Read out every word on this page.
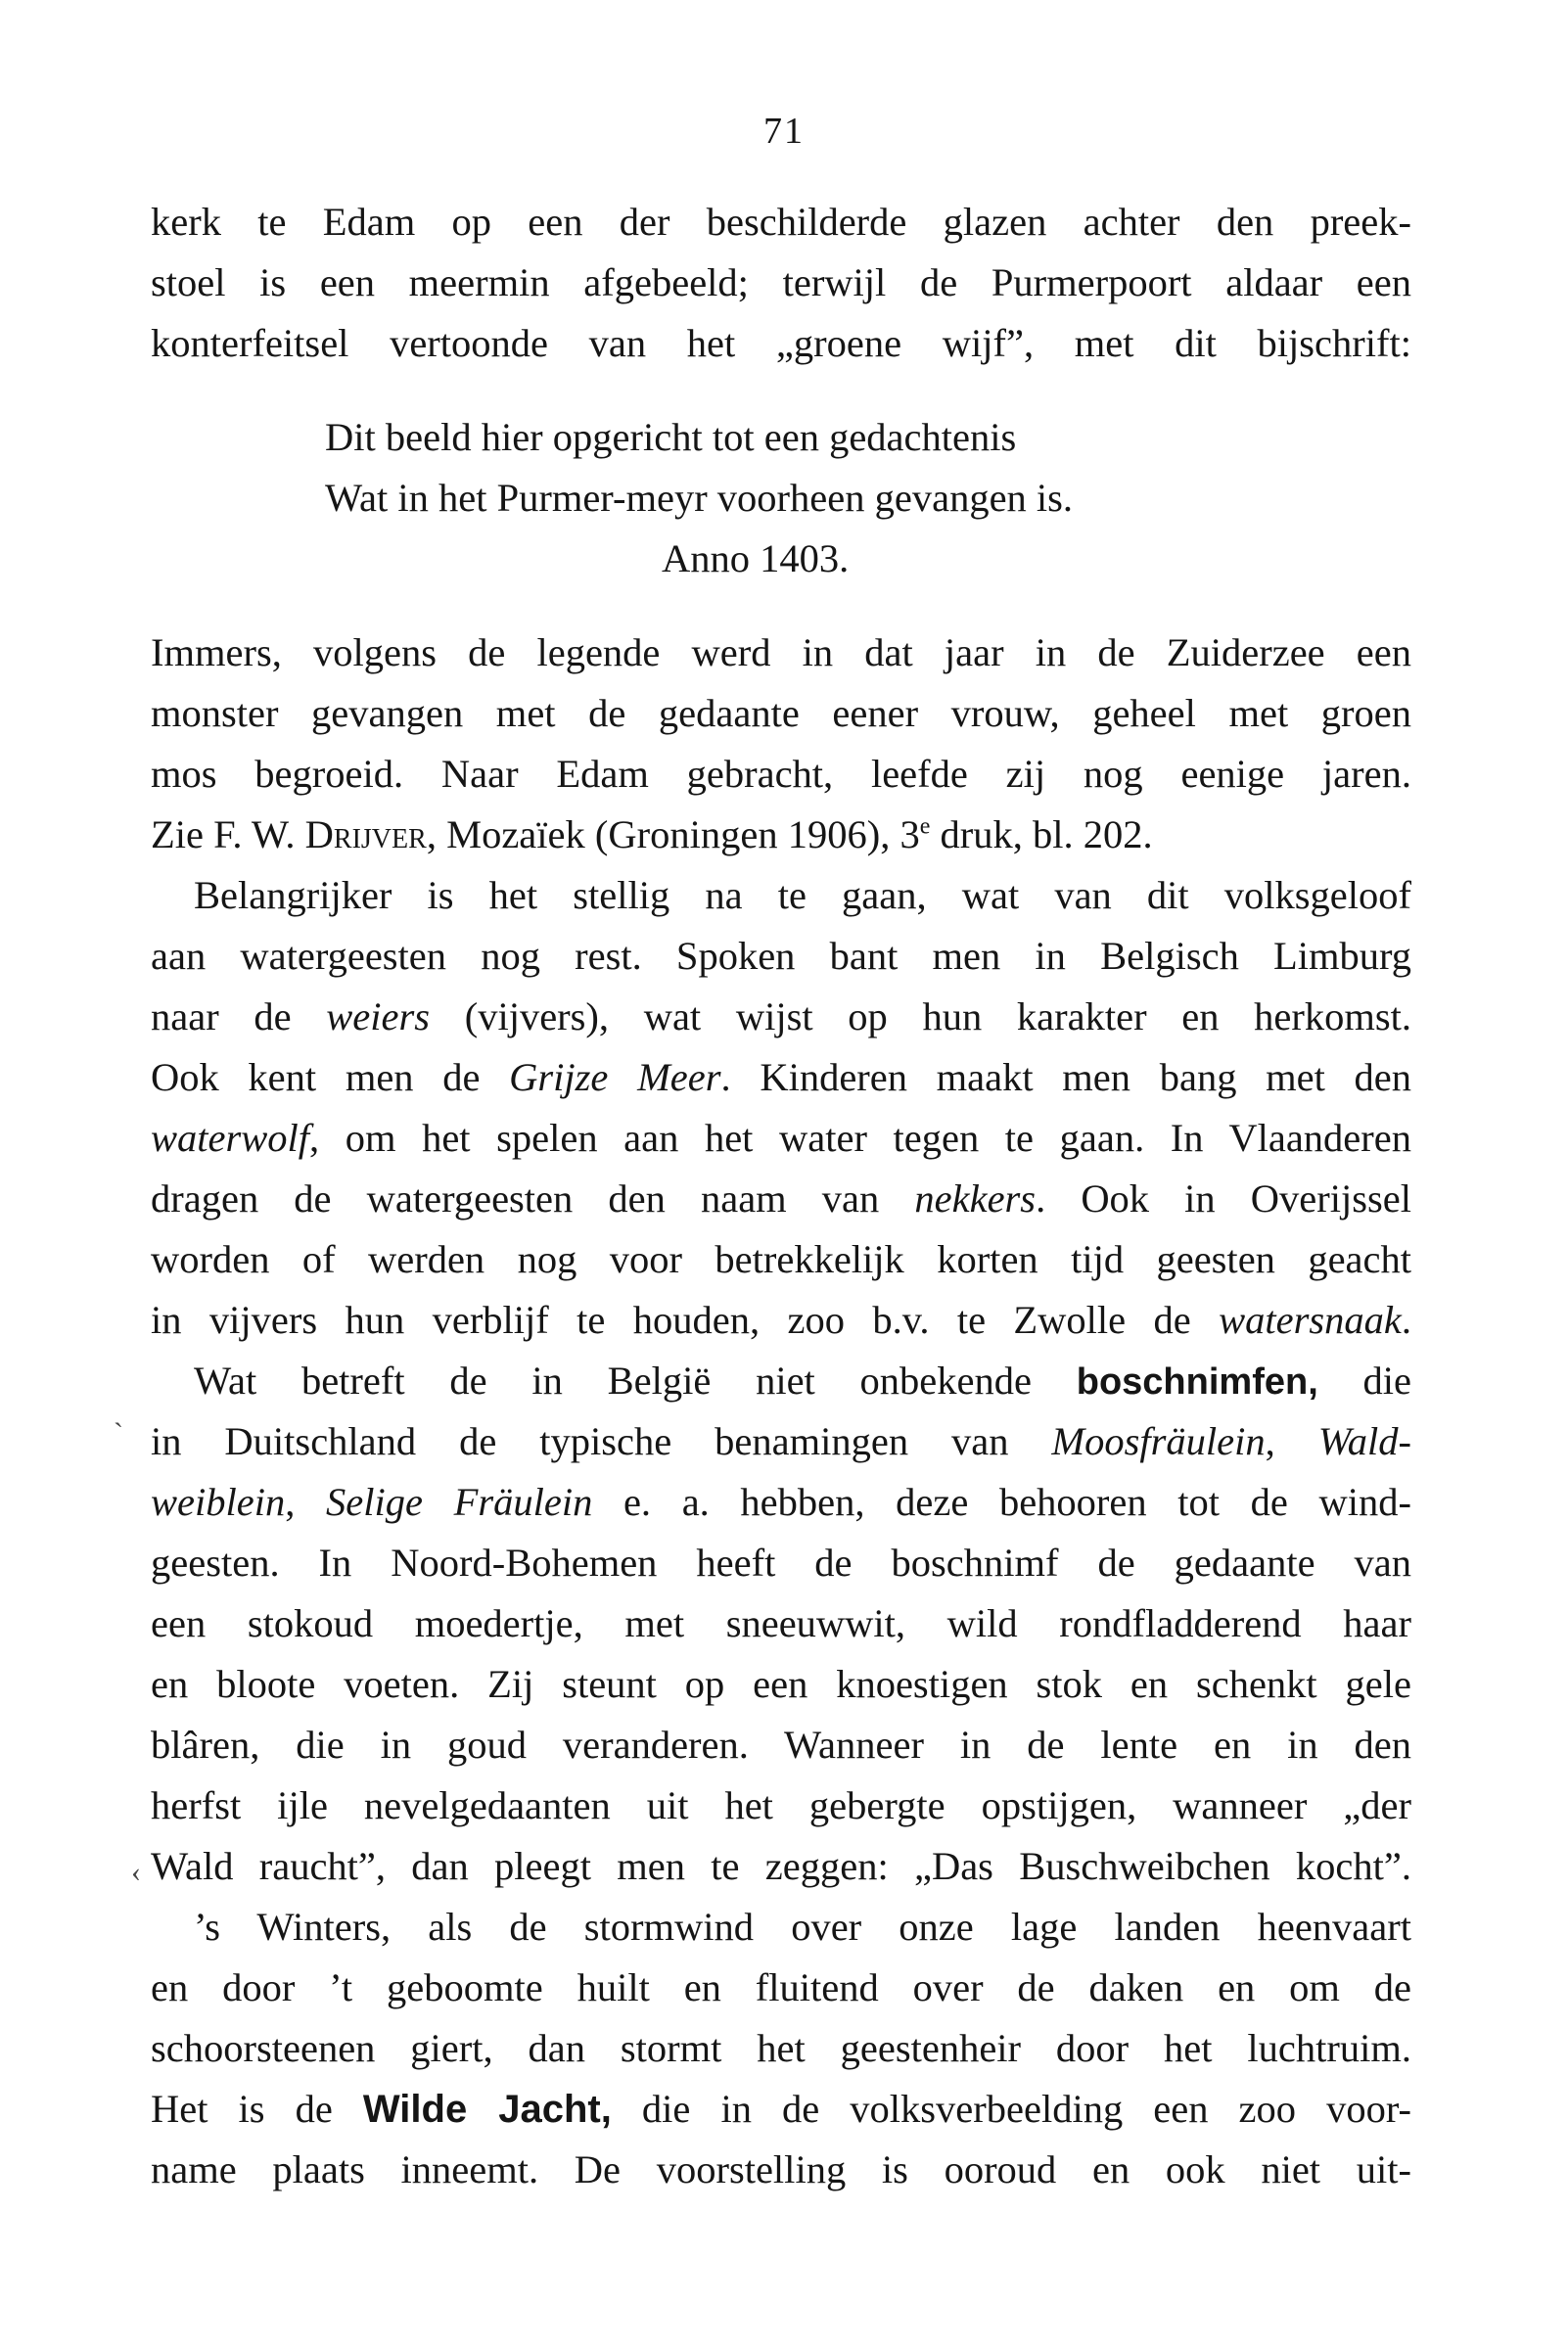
71
kerk te Edam op een der beschilderde glazen achter den preek-
stoel is een meermin afgebeeld; terwijl de Purmerpoort aldaar een
konterfeitsel vertoonde van het „groene wijf”, met dit bijschrift:
Dit beeld hier opgericht tot een gedachtenis
Wat in het Purmer-meyr voorheen gevangen is.
Anno 1403.
Immers, volgens de legende werd in dat jaar in de Zuiderzee een
monster gevangen met de gedaante eener vrouw, geheel met groen
mos begroeid. Naar Edam gebracht, leefde zij nog eenige jaren.
Zie F. W. Drijver, Mozaïek (Groningen 1906), 3e druk, bl. 202.
Belangrijker is het stellig na te gaan, wat van dit volksgeloof
aan watergeesten nog rest. Spoken bant men in Belgisch Limburg
naar de weiers (vijvers), wat wijst op hun karakter en herkomst.
Ook kent men de Grijze Meer. Kinderen maakt men bang met den
waterwolf, om het spelen aan het water tegen te gaan. In Vlaanderen
dragen de watergeesten den naam van nekkers. Ook in Overijssel
worden of werden nog voor betrekkelijk korten tijd geesten geacht
in vijvers hun verblijf te houden, zoo b.v. te Zwolle de watersnaak.
Wat betreft de in België niet onbekende boschnimfen, die
in Duitschland de typische benamingen van Moosfräulein, Wald-
weiblein, Selige Fräulein e. a. hebben, deze behooren tot de wind-
geesten. In Noord-Bohemen heeft de boschnimf de gedaante van
een stokoud moedertje, met sneeuwwit, wild rondfladderend haar
en bloote voeten. Zij steunt op een knoestigen stok en schenkt gele
blâren, die in goud veranderen. Wanneer in de lente en in den
herfst ijle nevelgedaanten uit het gebergte opstijgen, wanneer „der
Wald raucht”, dan pleegt men te zeggen: „Das Buschweibchen kocht”.
’s Winters, als de stormwind over onze lage landen heenvaart
en door ’t geboomte huilt en fluitend over de daken en om de
schoorsteenen giert, dan stormt het geestenheir door het luchtruim.
Het is de Wilde Jacht, die in de volksverbeelding een zoo voor-
name plaats inneemt. De voorstelling is ooroud en ook niet uit-
ˋ
‹
